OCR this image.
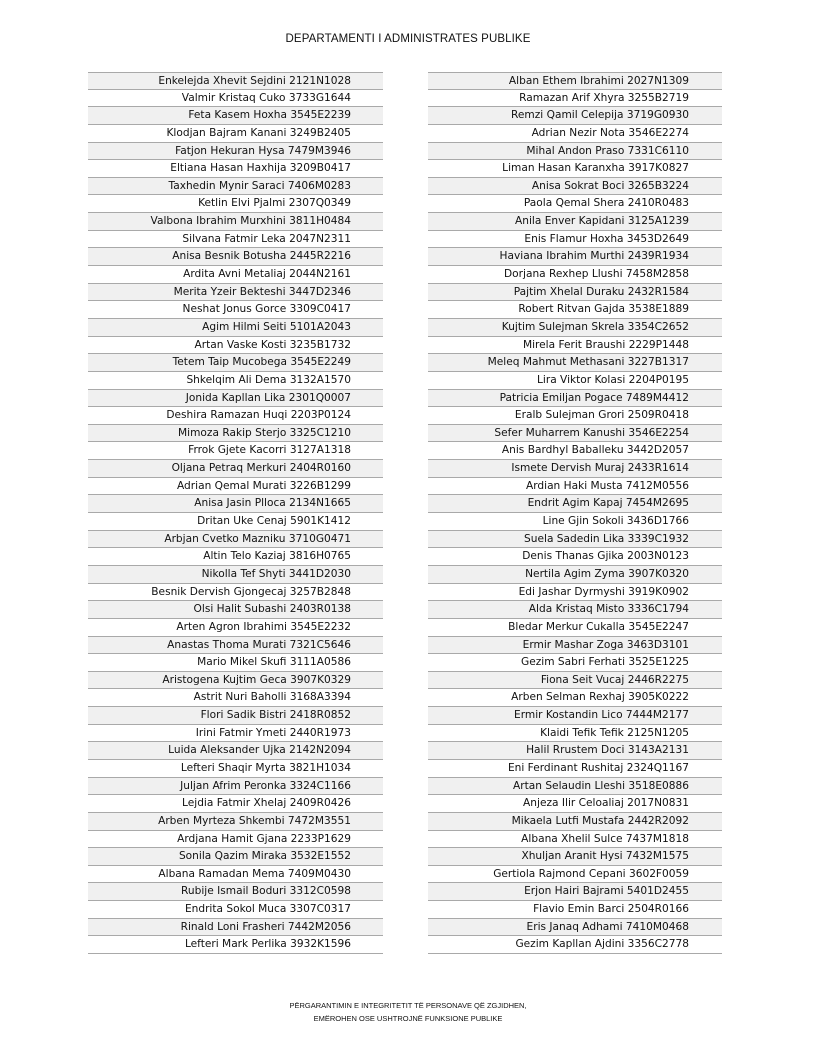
DEPARTAMENTI I ADMINISTRATES PUBLIKE
Enkelejda Xhevit Sejdini 2121N1028
Valmir Kristaq Cuko 3733G1644
Feta Kasem Hoxha 3545E2239
Klodjan Bajram Kanani 3249B2405
Fatjon Hekuran Hysa 7479M3946
Eltiana Hasan Haxhija 3209B0417
Taxhedin Mynir Saraci 7406M0283
Ketlin Elvi Pjalmi 2307Q0349
Valbona Ibrahim Murxhini 3811H0484
Silvana Fatmir Leka 2047N2311
Anisa Besnik Botusha 2445R2216
Ardita Avni Metaliaj 2044N2161
Merita Yzeir Bekteshi 3447D2346
Neshat Jonus Gorce 3309C0417
Agim Hilmi Seiti 5101A2043
Artan Vaske Kosti 3235B1732
Tetem Taip Mucobega 3545E2249
Shkelqim Ali Dema 3132A1570
Jonida Kapllan Lika 2301Q0007
Deshira Ramazan Huqi 2203P0124
Mimoza Rakip Sterjo 3325C1210
Frrok Gjete Kacorri 3127A1318
Oljana Petraq Merkuri 2404R0160
Adrian Qemal Murati 3226B1299
Anisa Jasin Plloca 2134N1665
Dritan Uke Cenaj 5901K1412
Arbjan Cvetko Mazniku 3710G0471
Altin Telo Kaziaj 3816H0765
Nikolla Tef Shyti 3441D2030
Besnik Dervish Gjongecaj 3257B2848
Olsi Halit Subashi 2403R0138
Arten Agron Ibrahimi 3545E2232
Anastas Thoma Murati 7321C5646
Mario Mikel Skufi 3111A0586
Aristogena Kujtim Geca 3907K0329
Astrit Nuri Baholli 3168A3394
Flori Sadik Bistri 2418R0852
Irini Fatmir Ymeti 2440R1973
Luida Aleksander Ujka 2142N2094
Lefteri Shaqir Myrta 3821H1034
Juljan Afrim Peronka 3324C1166
Lejdia Fatmir Xhelaj 2409R0426
Arben Myrteza Shkembi 7472M3551
Ardjana Hamit Gjana 2233P1629
Sonila Qazim Miraka 3532E1552
Albana Ramadan Mema 7409M0430
Rubije Ismail Boduri 3312C0598
Endrita Sokol Muca 3307C0317
Rinald Loni Frasheri 7442M2056
Lefteri Mark Perlika 3932K1596
Alban Ethem Ibrahimi 2027N1309
Ramazan Arif Xhyra 3255B2719
Remzi Qamil Celepija 3719G0930
Adrian Nezir Nota 3546E2274
Mihal Andon Praso 7331C6110
Liman Hasan Karanxha 3917K0827
Anisa Sokrat Boci 3265B3224
Paola Qemal Shera 2410R0483
Anila Enver Kapidani 3125A1239
Enis Flamur Hoxha 3453D2649
Haviana Ibrahim Murthi 2439R1934
Dorjana Rexhep Llushi 7458M2858
Pajtim Xhelal Duraku 2432R1584
Robert Ritvan Gajda 3538E1889
Kujtim Sulejman Skrela 3354C2652
Mirela Ferit Braushi 2229P1448
Meleq Mahmut Methasani 3227B1317
Lira Viktor Kolasi 2204P0195
Patricia Emiljan Pogace 7489M4412
Eralb Sulejman Grori 2509R0418
Sefer Muharrem Kanushi 3546E2254
Anis Bardhyl Baballeku 3442D2057
Ismete Dervish Muraj 2433R1614
Ardian Haki Musta 7412M0556
Endrit Agim Kapaj 7454M2695
Line Gjin Sokoli 3436D1766
Suela Sadedin Lika 3339C1932
Denis Thanas Gjika 2003N0123
Nertila Agim Zyma 3907K0320
Edi Jashar Dyrmyshi 3919K0902
Alda Kristaq Misto 3336C1794
Bledar Merkur Cukalla 3545E2247
Ermir Mashar Zoga 3463D3101
Gezim Sabri Ferhati 3525E1225
Fiona Seit Vucaj 2446R2275
Arben Selman Rexhaj 3905K0222
Ermir Kostandin Lico 7444M2177
Klaidi Tefik Tefik 2125N1205
Halil Rrustem Doci 3143A2131
Eni Ferdinant Rushitaj 2324Q1167
Artan Selaudin Lleshi 3518E0886
Anjeza Ilir Celoaliaj 2017N0831
Mikaela Lutfi Mustafa 2442R2092
Albana Xhelil Sulce 7437M1818
Xhuljan Aranit Hysi 7432M1575
Gertiola Rajmond Cepani 3602F0059
Erjon Hairi Bajrami 5401D2455
Flavio Emin Barci 2504R0166
Eris Janaq Adhami 7410M0468
Gezim Kapllan Ajdini 3356C2778
PËRGARANTIMIN E INTEGRITETIT TË PERSONAVE QË ZGJIDHEN,
EMËROHEN OSE USHTROJNË FUNKSIONE PUBLIKE
